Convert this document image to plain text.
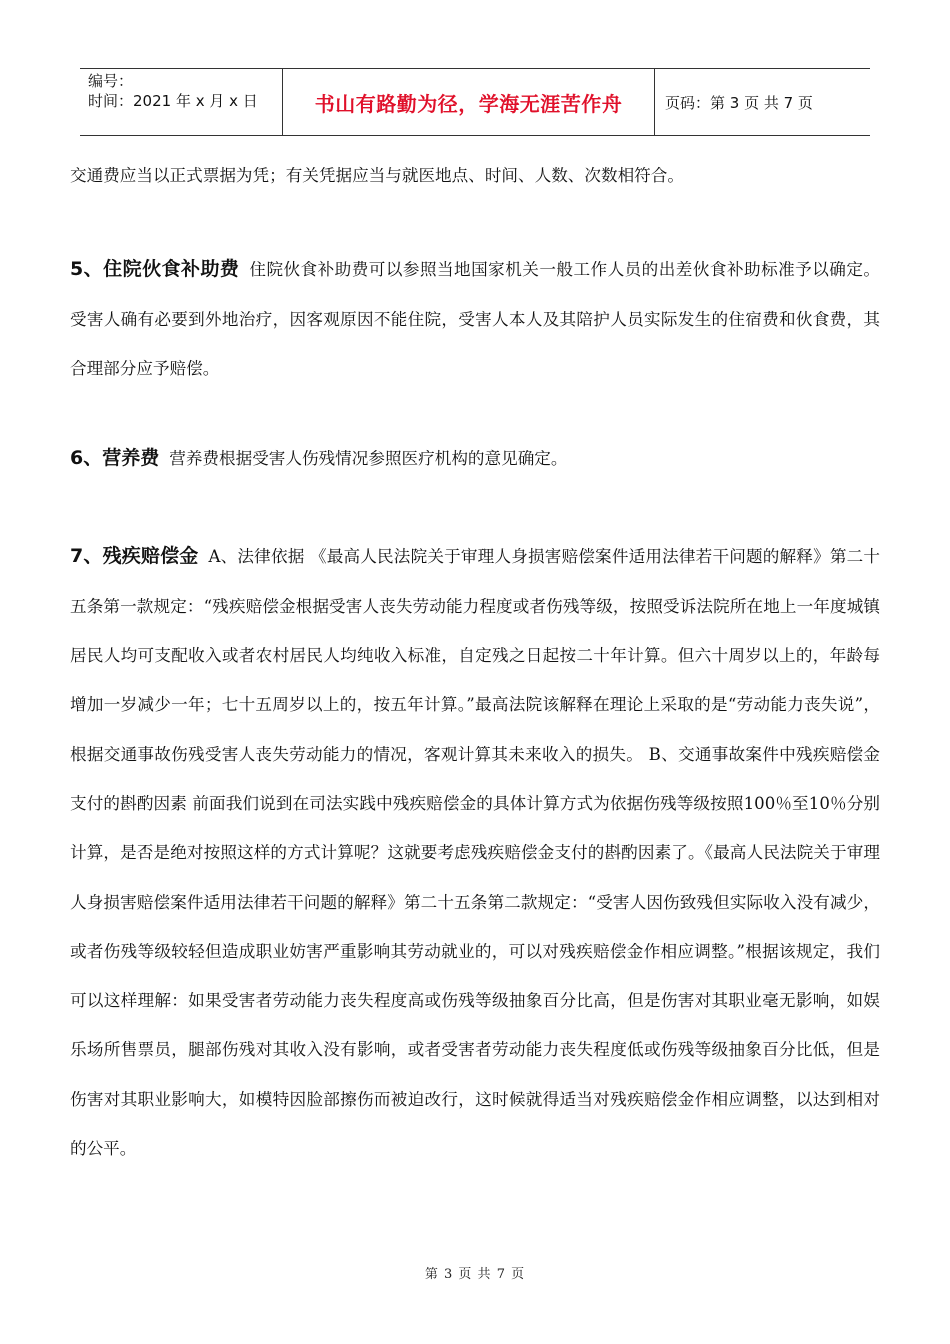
编号：
时间：2021 年 x 月 x 日	书山有路勤为径，学海无涯苦作舟	页码：第 3 页 共 7 页

交通费应当以正式票据为凭；有关凭据应当与就医地点、时间、人数、次数相符合。

5、住院伙食补助费 住院伙食补助费可以参照当地国家机关一般工作人员的出差伙食补助标准予以确定。 受害人确有必要到外地治疗，因客观原因不能住院，受害人本人及其陪护人员实际发生的住宿费和伙食费，其合理部分应予赔偿。

6、营养费 营养费根据受害人伤残情况参照医疗机构的意见确定。

7、残疾赔偿金 A、法律依据 《最高人民法院关于审理人身损害赔偿案件适用法律若干问题的解释》第二十五条第一款规定：“残疾赔偿金根据受害人丧失劳动能力程度或者伤残等级，按照受诉法院所在地上一年度城镇居民人均可支配收入或者农村居民人均纯收入标准，自定残之日起按二十年计算。但六十周岁以上的，年龄每增加一岁减少一年；七十五周岁以上的，按五年计算。”最高法院该解释在理论上采取的是“劳动能力丧失说”，根据交通事故伤残受害人丧失劳动能力的情况，客观计算其未来收入的损失。 B、交通事故案件中残疾赔偿金支付的斟酌因素 前面我们说到在司法实践中残疾赔偿金的具体计算方式为依据伤残等级按照100％至10％分别计算，是否是绝对按照这样的方式计算呢？这就要考虑残疾赔偿金支付的斟酌因素了。《最高人民法院关于审理人身损害赔偿案件适用法律若干问题的解释》第二十五条第二款规定：“受害人因伤致残但实际收入没有减少，或者伤残等级较轻但造成职业妨害严重影响其劳动就业的，可以对残疾赔偿金作相应调整。”根据该规定，我们可以这样理解：如果受害者劳动能力丧失程度高或伤残等级抽象百分比高，但是伤害对其职业毫无影响，如娱乐场所售票员，腿部伤残对其收入没有影响，或者受害者劳动能力丧失程度低或伤残等级抽象百分比低，但是伤害对其职业影响大，如模特因脸部擦伤而被迫改行，这时候就得适当对残疾赔偿金作相应调整，以达到相对的公平。

第 3 页 共 7 页
